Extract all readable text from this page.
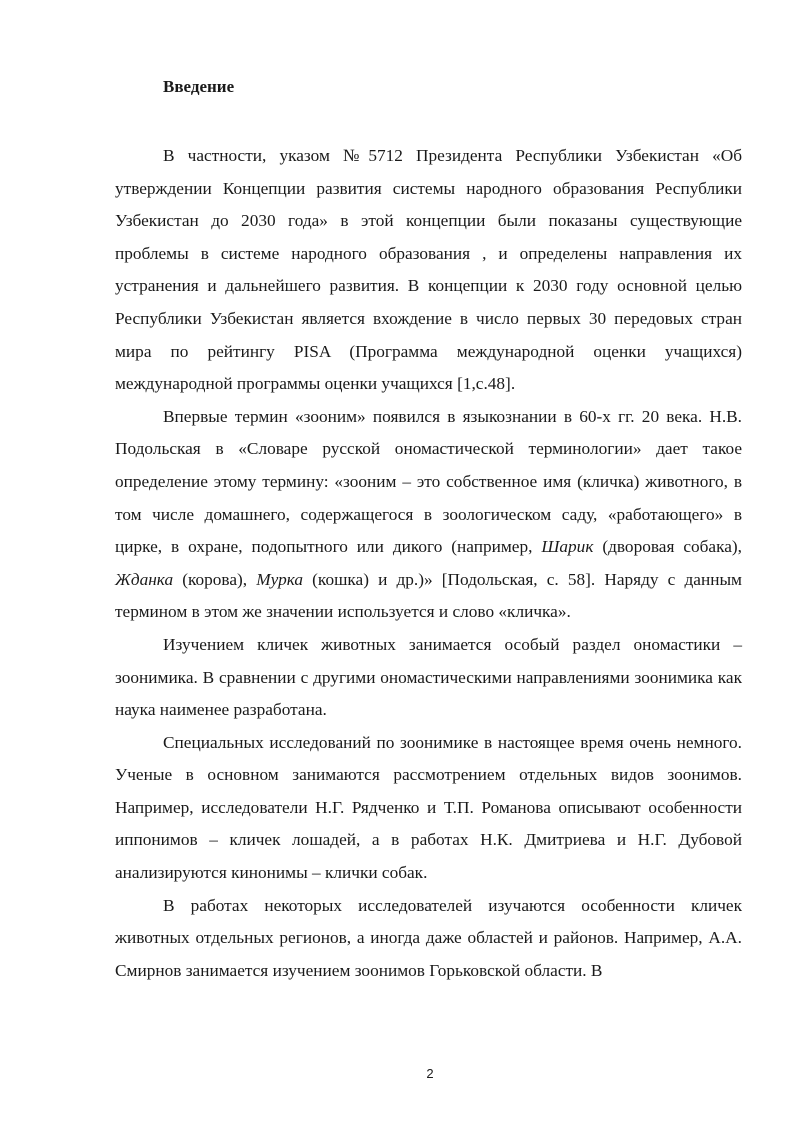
Введение

В частности, указом №5712 Президента Республики Узбекистан «Об утверждении Концепции развития системы народного образования Республики Узбекистан до 2030 года» в этой концепции были показаны существующие проблемы в системе народного образования , и определены направления их устранения и дальнейшего развития. В концепции к 2030 году основной целью Республики Узбекистан является вхождение в число первых 30 передовых стран мира по рейтингу PISA (Программа международной оценки учащихся) международной программы оценки учащихся [1,с.48].

Впервые термин «зооним» появился в языкознании в 60-х гг. 20 века. Н.В. Подольская в «Словаре русской ономастической терминологии» дает такое определение этому термину: «зооним – это собственное имя (кличка) животного, в том числе домашнего, содержащегося в зоологическом саду, «работающего» в цирке, в охране, подопытного или дикого (например, Шарик (дворовая собака), Жданка (корова), Мурка (кошка) и др.)» [Подольская, с. 58]. Наряду с данным термином в этом же значении используется и слово «кличка».

Изучением кличек животных занимается особый раздел ономастики – зоонимика. В сравнении с другими ономастическими направлениями зоонимика как наука наименее разработана.

Специальных исследований по зоонимике в настоящее время очень немного. Ученые в основном занимаются рассмотрением отдельных видов зоонимов. Например, исследователи Н.Г. Рядченко и Т.П. Романова описывают особенности иппонимов – кличек лошадей, а в работах Н.К. Дмитриева и Н.Г. Дубовой анализируются кинонимы – клички собак.

В работах некоторых исследователей изучаются особенности кличек животных отдельных регионов, а иногда даже областей и районов. Например, А.А. Смирнов занимается изучением зоонимов Горьковской области. В

2
